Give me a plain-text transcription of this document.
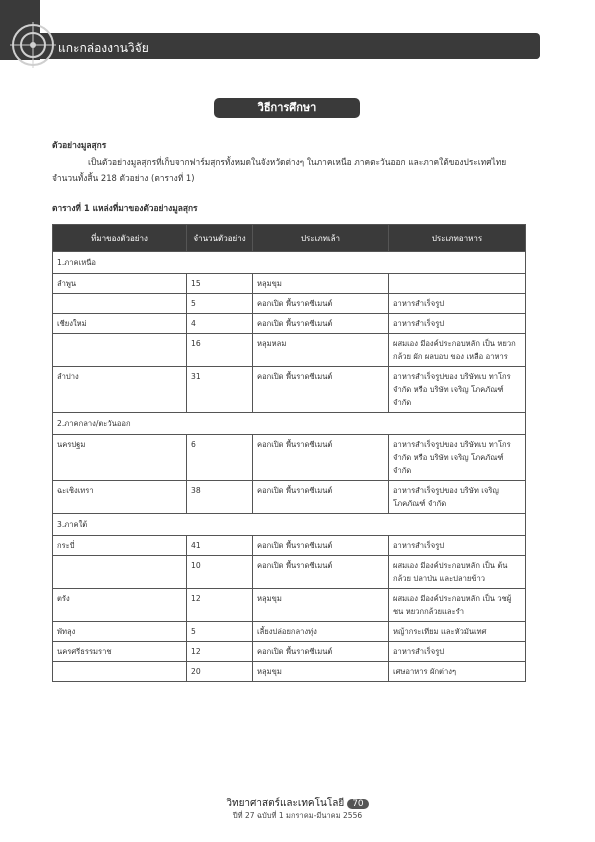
แกะกล่องงานวิจัย
วิธีการศึกษา
ตัวอย่างมูลสุกร
เป็นตัวอย่างมูลสุกรที่เก็บจากฟาร์มสุกรทั้งหมดในจังหวัดต่างๆ ในภาคเหนือ ภาคตะวันออก และภาคใต้ของประเทศไทย
จำนวนทั้งสิ้น 218 ตัวอย่าง (ตารางที่ 1)
ตารางที่ 1 แหล่งที่มาของตัวอย่างมูลสุกร
ที่มาของตัวอย่าง	จำนวนตัวอย่าง	ประเภทเล้า	ประเภทอาหาร
1.ภาคเหนือ			
ลำพูน	15	หลุมขุม	
	5	คอกเปิด พื้นราดซีเมนต์	อาหารสำเร็จรูป
เชียงใหม่	4	คอกเปิด พื้นราดซีเมนต์	อาหารสำเร็จรูป
	16	หลุมหลม	ผสมเอง มีองค์ประกอบหลัก เป็น หยวกกล้วย ผัก ผลบอบ ของ เหลือ อาหาร
ลำปาง	31	คอกเปิด พื้นราดซีเมนต์	อาหารสำเร็จรูปของ บริษัทเบ ทาโกร จำกัด หรือ บริษัท เจริญ โภคภัณฑ์ จำกัด
2.ภาคกลาง/ตะวันออก			
นครปฐม	6	คอกเปิด พื้นราดซีเมนต์	อาหารสำเร็จรูปของ บริษัทเบ ทาโกร จำกัด หรือ บริษัท เจริญ โภคภัณฑ์ จำกัด
ฉะเชิงเทรา	38	คอกเปิด พื้นราดซีเมนต์	อาหารสำเร็จรูปของ บริษัท เจริญ โภคภัณฑ์ จำกัด
3.ภาคใต้			
กระบี่	41	คอกเปิด พื้นราดซีเมนต์	อาหารสำเร็จรูป
	10	คอกเปิด พื้นราดซีเมนต์	ผสมเอง มีองค์ประกอบหลัก เป็น ต้นกล้วย ปลาป่น และปลายข้าว
ตรัง	12	หลุมขุม	ผสมเอง มีองค์ประกอบหลัก เป็น วชผู้ชน หยวกกล้วยและรำ
พัทลุง	5	เลี้ยงปล่อยกลางทุ่ง	หญ้ากระเทียม และหัวมันเทศ
นครศรีธรรมราช	12	คอกเปิด พื้นราดซีเมนต์	อาหารสำเร็จรูป
	20	หลุมขุม	เศษอาหาร ผักต่างๆ
วิทยาศาสตร์และเทคโนโลยี 70
ปีที่ 27 ฉบับที่ 1 มกราคม-มีนาคม 2556
